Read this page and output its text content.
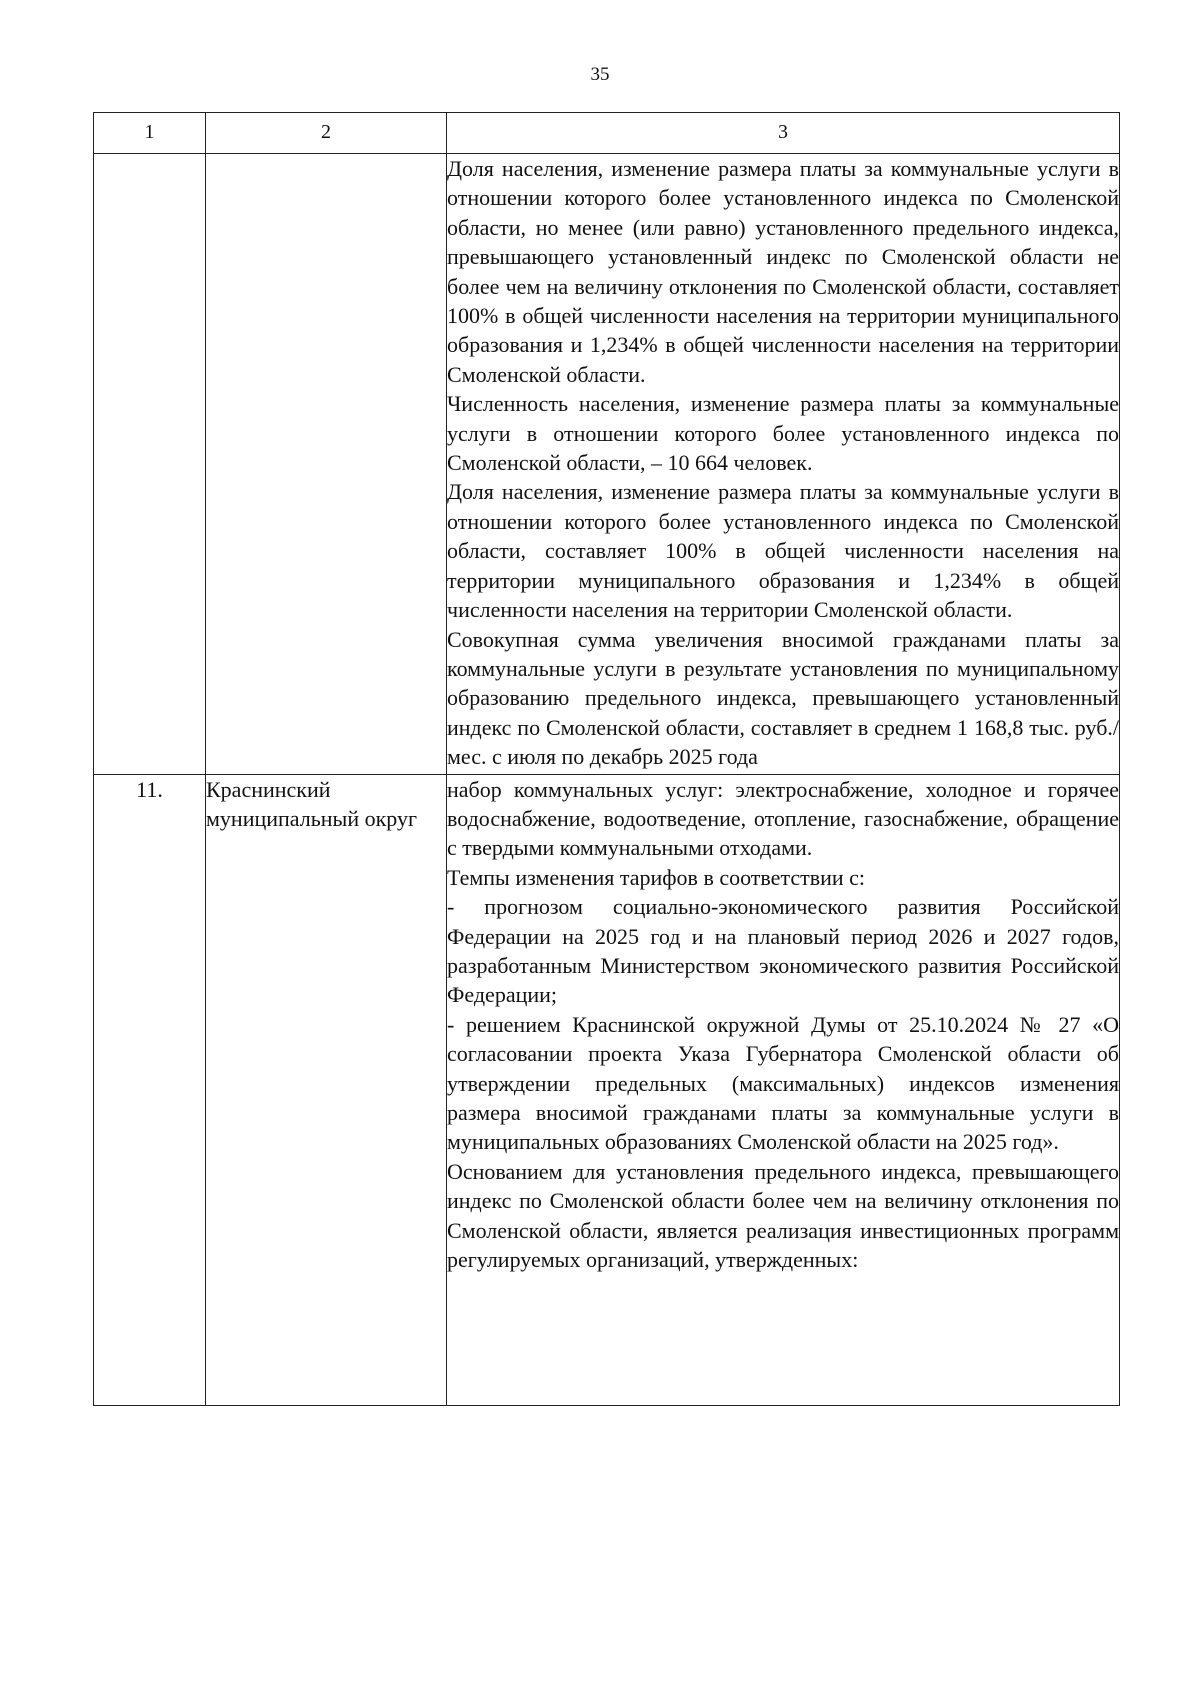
35
1	2	3

		Доля населения, изменение размера платы за коммунальные услуги в отношении которого более установленного индекса по Смоленской области, но менее (или равно) установленного предельного индекса, превышающего установленный индекс по Смоленской области не более чем на величину отклонения по Смоленской области, составляет 100% в общей численности населения на территории муниципального образования и 1,234% в общей численности населения на территории Смоленской области.

Численность населения, изменение размера платы за коммунальные услуги в отношении которого более установленного индекса по Смоленской области, – 10 664 человек.

Доля населения, изменение размера платы за коммунальные услуги в отношении которого более установленного индекса по Смоленской области, составляет 100% в общей численности населения на территории муниципального образования и 1,234% в общей численности населения на территории Смоленской области.

Совокупная сумма увеличения вносимой гражданами платы за коммунальные услуги в результате установления по муниципальному образованию предельного индекса, превышающего установленный индекс по Смоленской области, составляет в среднем 1 168,8 тыс. руб./мес. с июля по декабрь 2025 года

11.	Краснинский муниципальный округ	набор коммунальных услуг: электроснабжение, холодное и горячее водоснабжение, водоотведение, отопление, газоснабжение, обращение с твердыми коммунальными отходами.

Темпы изменения тарифов в соответствии с:

- прогнозом социально-экономического развития Российской Федерации на 2025 год и на плановый период 2026 и 2027 годов, разработанным Министерством экономического развития Российской Федерации;

- решением Краснинской окружной Думы от 25.10.2024 № 27 «О согласовании проекта Указа Губернатора Смоленской области об утверждении предельных (максимальных) индексов изменения размера вносимой гражданами платы за коммунальные услуги в муниципальных образованиях Смоленской области на 2025 год».

Основанием для установления предельного индекса, превышающего индекс по Смоленской области более чем на величину отклонения по Смоленской области, является реализация инвестиционных программ регулируемых организаций, утвержденных:
